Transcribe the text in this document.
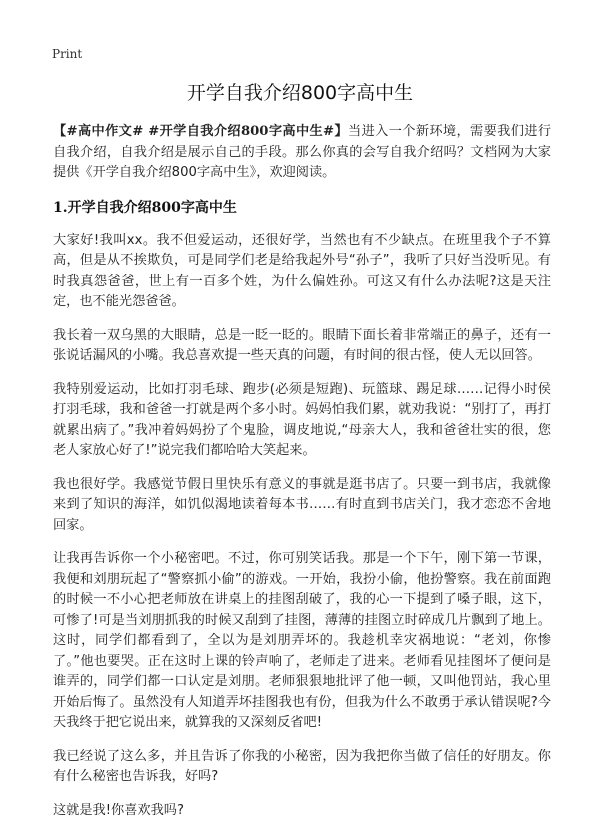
Print
开学自我介绍800字高中生

【#高中作文# #开学自我介绍800字高中生#】当进入一个新环境，需要我们进行自我介绍，自我介绍是展示自己的手段。那么你真的会写自我介绍吗？文档网为大家提供《开学自我介绍800字高中生》，欢迎阅读。

1.开学自我介绍800字高中生

大家好!我叫xx。我不但爱运动，还很好学，当然也有不少缺点。在班里我个子不算高，但是从不挨欺负，可是同学们老是给我起外号“孙子”，我听了只好当没听见。有时我真怨爸爸，世上有一百多个姓，为什么偏姓孙。可这又有什么办法呢?这是天注定，也不能光怨爸爸。

我长着一双乌黑的大眼睛，总是一眨一眨的。眼睛下面长着非常端正的鼻子，还有一张说话漏风的小嘴。我总喜欢提一些天真的问题，有时间的很古怪，使人无以回答。

我特别爱运动，比如打羽毛球、跑步(必须是短跑)、玩篮球、踢足球……记得小时侯打羽毛球，我和爸爸一打就是两个多小时。妈妈怕我们累，就劝我说：“别打了，再打就累出病了。”我冲着妈妈扮了个鬼脸，调皮地说,“母亲大人，我和爸爸壮实的很，您老人家放心好了!”说完我们都哈哈大笑起来。

我也很好学。我感觉节假日里快乐有意义的事就是逛书店了。只要一到书店，我就像来到了知识的海洋，如饥似渴地读着每本书……有时直到书店关门，我才恋恋不舍地回家。

让我再告诉你一个小秘密吧。不过，你可别笑话我。那是一个下午，刚下第一节课，我便和刘朋玩起了“警察抓小偷”的游戏。一开始，我扮小偷，他扮警察。我在前面跑的时候一不小心把老师放在讲桌上的挂图刮破了，我的心一下提到了嗓子眼，这下，可惨了!可是当刘朋抓我的时候又刮到了挂图，薄薄的挂图立时碎成几片飘到了地上。这时，同学们都看到了，全以为是刘朋弄坏的。我趁机幸灾祸地说：“老刘，你惨了。”他也要哭。正在这时上课的铃声响了，老师走了进来。老师看见挂图坏了便问是谁弄的，同学们都一口认定是刘朋。老师狠狠地批评了他一顿，又叫他罚站，我心里开始后悔了。虽然没有人知道弄坏挂图我也有份，但我为什么不敢勇于承认错误呢?今天我终于把它说出来，就算我的又深刻反省吧!

我已经说了这么多，并且告诉了你我的小秘密，因为我把你当做了信任的好朋友。你有什么秘密也告诉我，好吗?

这就是我!你喜欢我吗?
